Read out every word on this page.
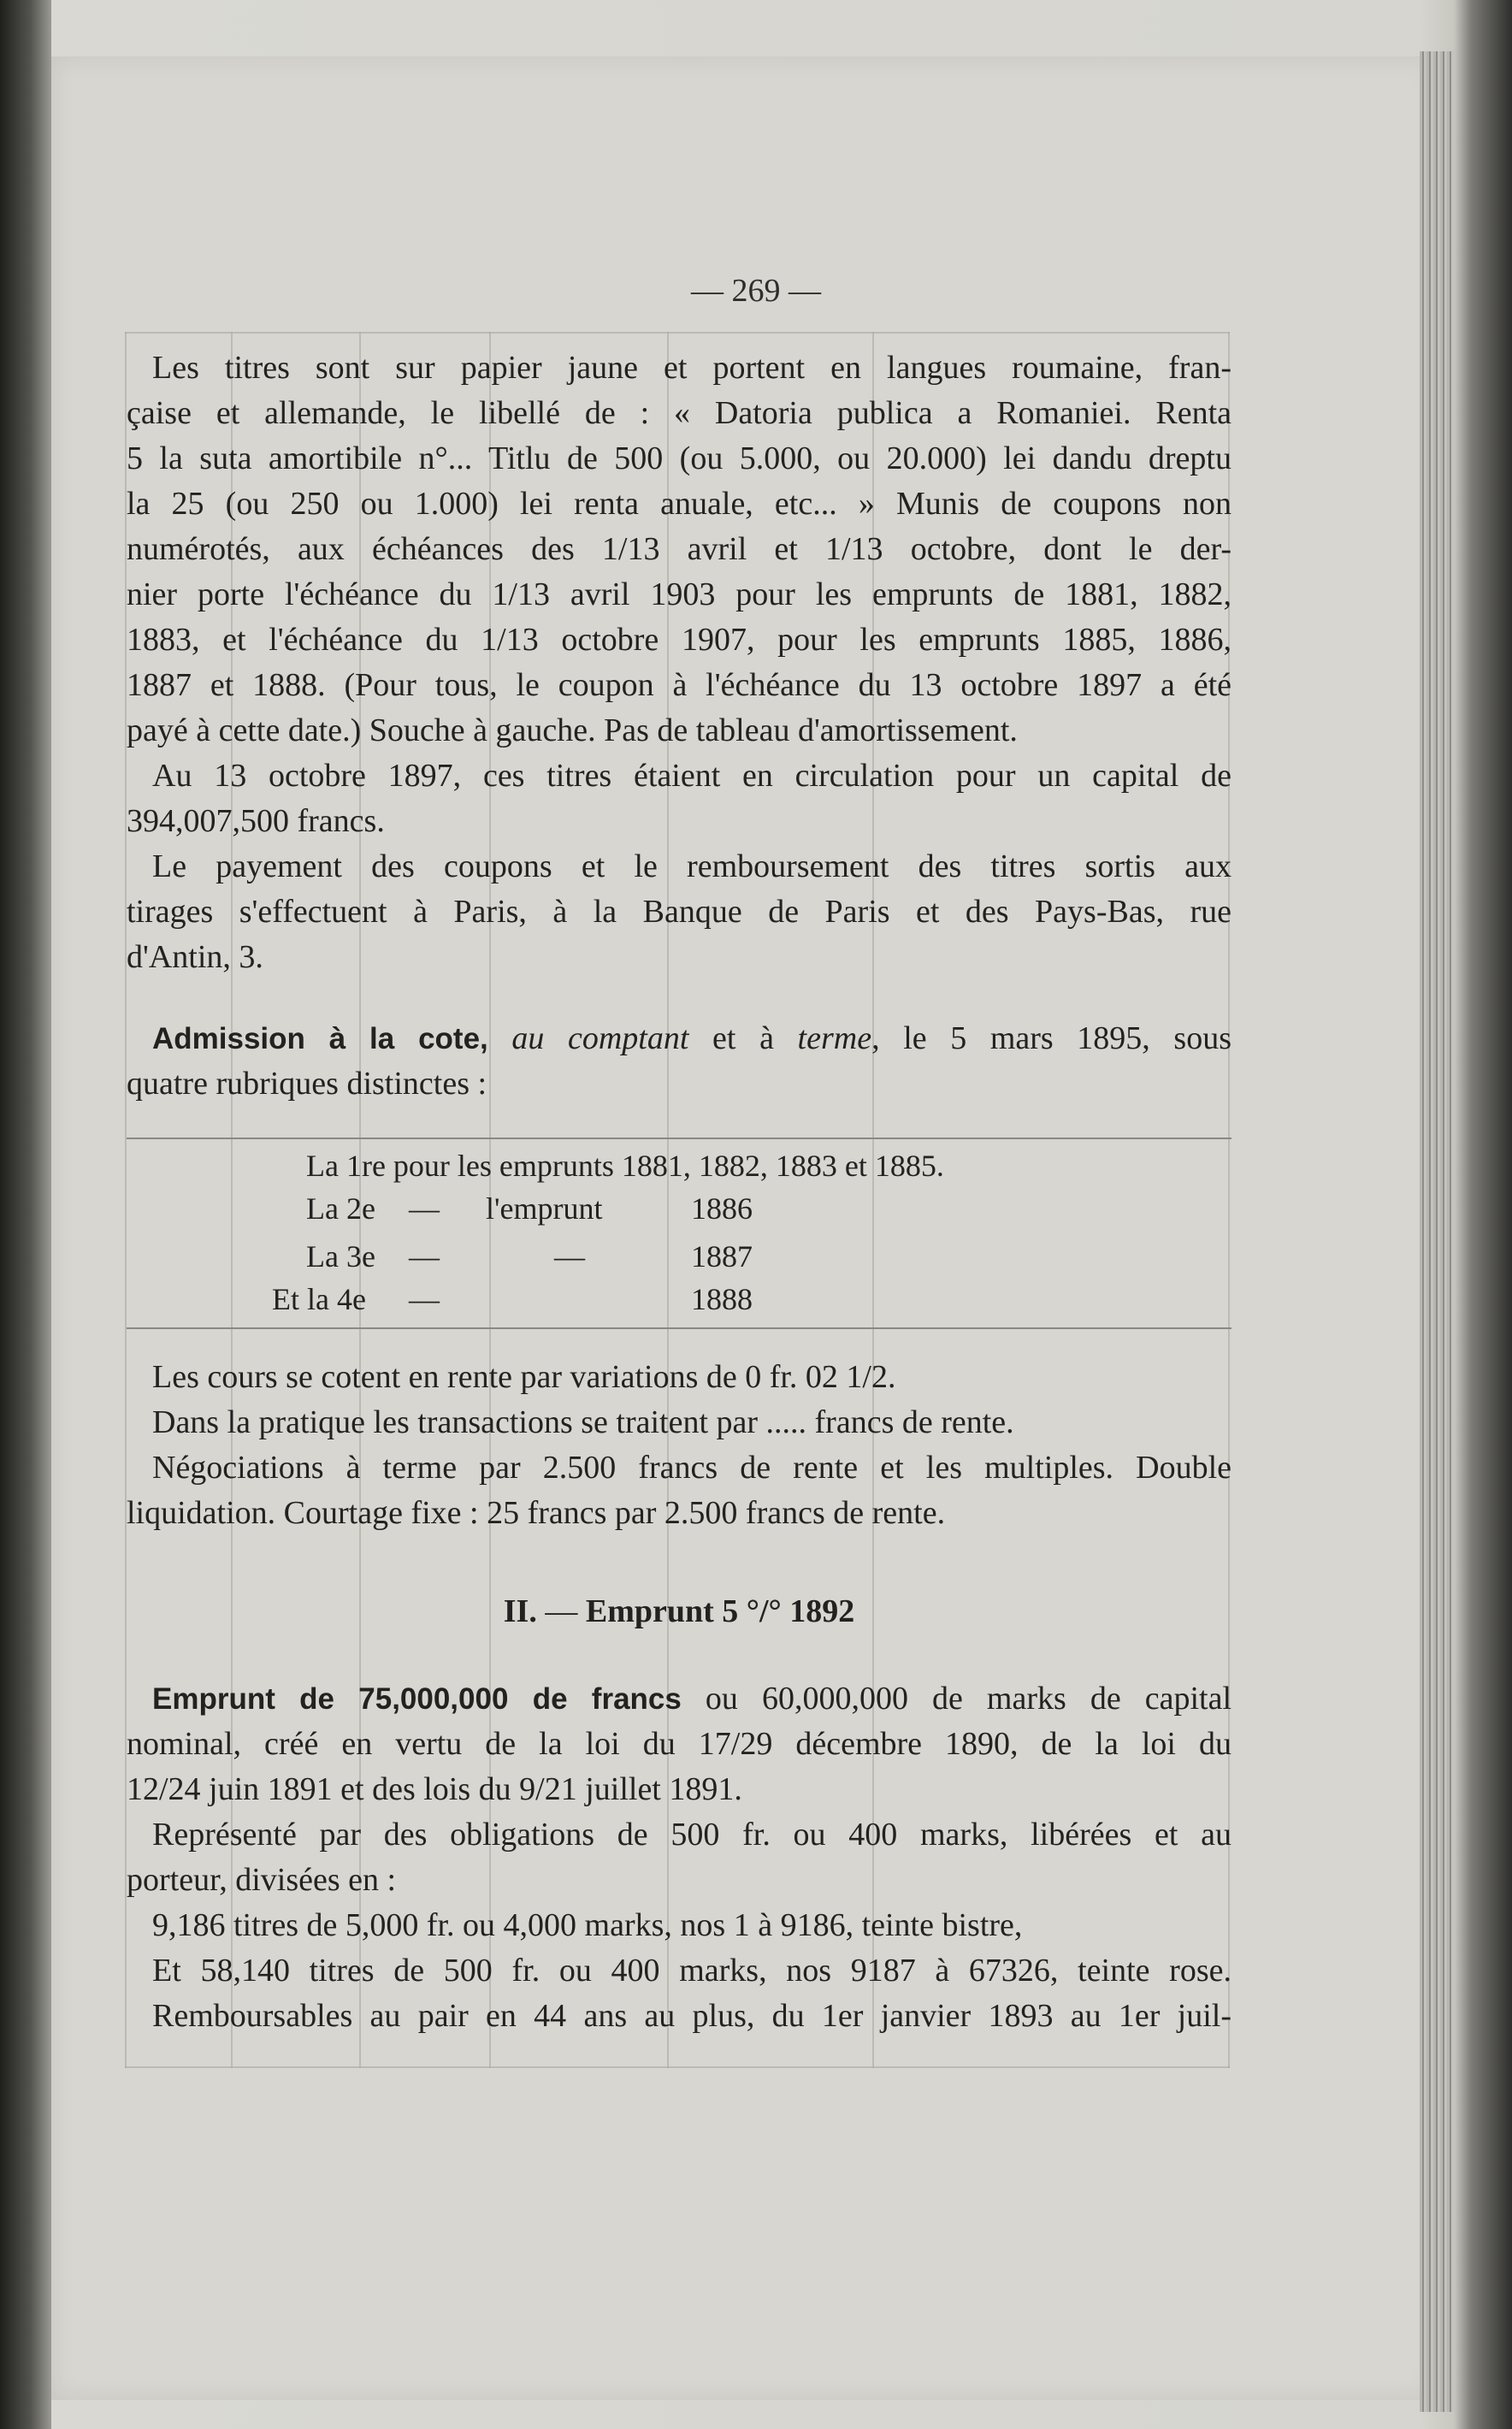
— 269 —
Les titres sont sur papier jaune et portent en langues roumaine, fran-
çaise et allemande, le libellé de : « Datoria publica a Romaniei. Renta
5 la suta amortibile n°... Titlu de 500 (ou 5.000, ou 20.000) lei dandu dreptu
la 25 (ou 250 ou 1.000) lei renta anuale, etc... » Munis de coupons non
numérotés, aux échéances des 1/13 avril et 1/13 octobre, dont le der-
nier porte l'échéance du 1/13 avril 1903 pour les emprunts de 1881, 1882,
1883, et l'échéance du 1/13 octobre 1907, pour les emprunts 1885, 1886,
1887 et 1888. (Pour tous, le coupon à l'échéance du 13 octobre 1897 a été
payé à cette date.) Souche à gauche. Pas de tableau d'amortissement.
Au 13 octobre 1897, ces titres étaient en circulation pour un capital de
394,007,500 francs.
Le payement des coupons et le remboursement des titres sortis aux
tirages s'effectuent à Paris, à la Banque de Paris et des Pays-Bas, rue
d'Antin, 3.
Admission à la cote, au comptant et à terme, le 5 mars 1895, sous
quatre rubriques distinctes :
La 1re pour les emprunts 1881, 1882, 1883 et 1885.
La 2e — l'emprunt	1886
La 3e —	—	1887
Et la 4e —	1888
Les cours se cotent en rente par variations de 0 fr. 02 1/2.
Dans la pratique les transactions se traitent par ..... francs de rente.
Négociations à terme par 2.500 francs de rente et les multiples. Double
liquidation. Courtage fixe : 25 francs par 2.500 francs de rente.
II. — Emprunt 5 °/° 1892
Emprunt de 75,000,000 de francs ou 60,000,000 de marks de capital
nominal, créé en vertu de la loi du 17/29 décembre 1890, de la loi du
12/24 juin 1891 et des lois du 9/21 juillet 1891.
Représenté par des obligations de 500 fr. ou 400 marks, libérées et au
porteur, divisées en :
9,186 titres de 5,000 fr. ou 4,000 marks, nos 1 à 9186, teinte bistre,
Et 58,140 titres de 500 fr. ou 400 marks, nos 9187 à 67326, teinte rose.
Remboursables au pair en 44 ans au plus, du 1er janvier 1893 au 1er juil-
